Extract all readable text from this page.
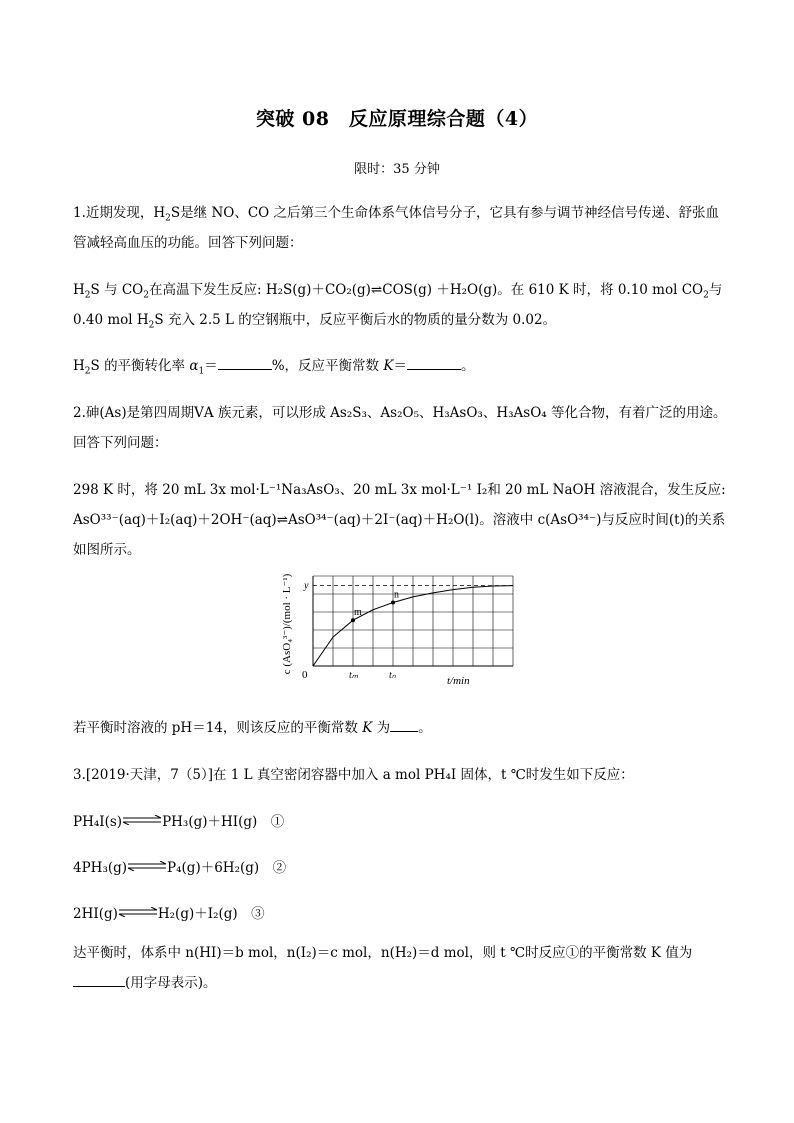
突破 08　反应原理综合题（4）
限时：35 分钟
1.近期发现，$H_2S$是继 NO、CO 之后第三个生命体系气体信号分子，它具有参与调节神经信号传递、舒张血管减轻高血压的功能。回答下列问题：
$H_2S$ 与 $CO_2$在高温下发生反应: H₂S(g)＋CO₂(g)⇌COS(g) ＋H₂O(g)。在 610 K 时，将 0.10 mol $CO_2$与 0.40 mol $H_2S$ 充入 2.5 L 的空钢瓶中，反应平衡后水的物质的量分数为 0.02。
$H_2S$ 的平衡转化率 $\alpha_1=$	%，反应平衡常数 K＝	。
2.砷(As)是第四周期ⅤA 族元素，可以形成 As₂S₃、As₂O₅、H₃AsO₃、H₃AsO₄ 等化合物，有着广泛的用途。回答下列问题：
298 K 时，将 20 mL 3x mol·L⁻¹Na₃AsO₃、20 mL 3x mol·L⁻¹ I₂和 20 mL NaOH 溶液混合，发生反应: AsO³³⁻(aq)＋I₂(aq)＋2OH⁻(aq)⇌AsO³⁴⁻(aq)＋2I⁻(aq)＋H₂O(l)。溶液中 c(AsO³⁴⁻)与反应时间(t)的关系如图所示。
m
tₘ
n
tₙ
c (AsO₄³⁻)/(mol · L⁻¹) y
0	t/min
若平衡时溶液的 pH＝14，则该反应的平衡常数 K 为 。
3.[2019·天津，7（5）]在 1 L 真空密闭容器中加入 a mol PH₄I 固体，t ℃时发生如下反应：
PH₄I(s)⇌PH₃(g)＋HI(g)　①
4PH₃(g)⇌P₄(g)＋6H₂(g)　②
2HI(g)⇌H₂(g)＋I₂(g)　③
达平衡时，体系中 n(HI)＝b mol，n(I₂)＝c mol，n(H₂)＝d mol，则 t ℃时反应①的平衡常数 K 值为(用字母表示)。
